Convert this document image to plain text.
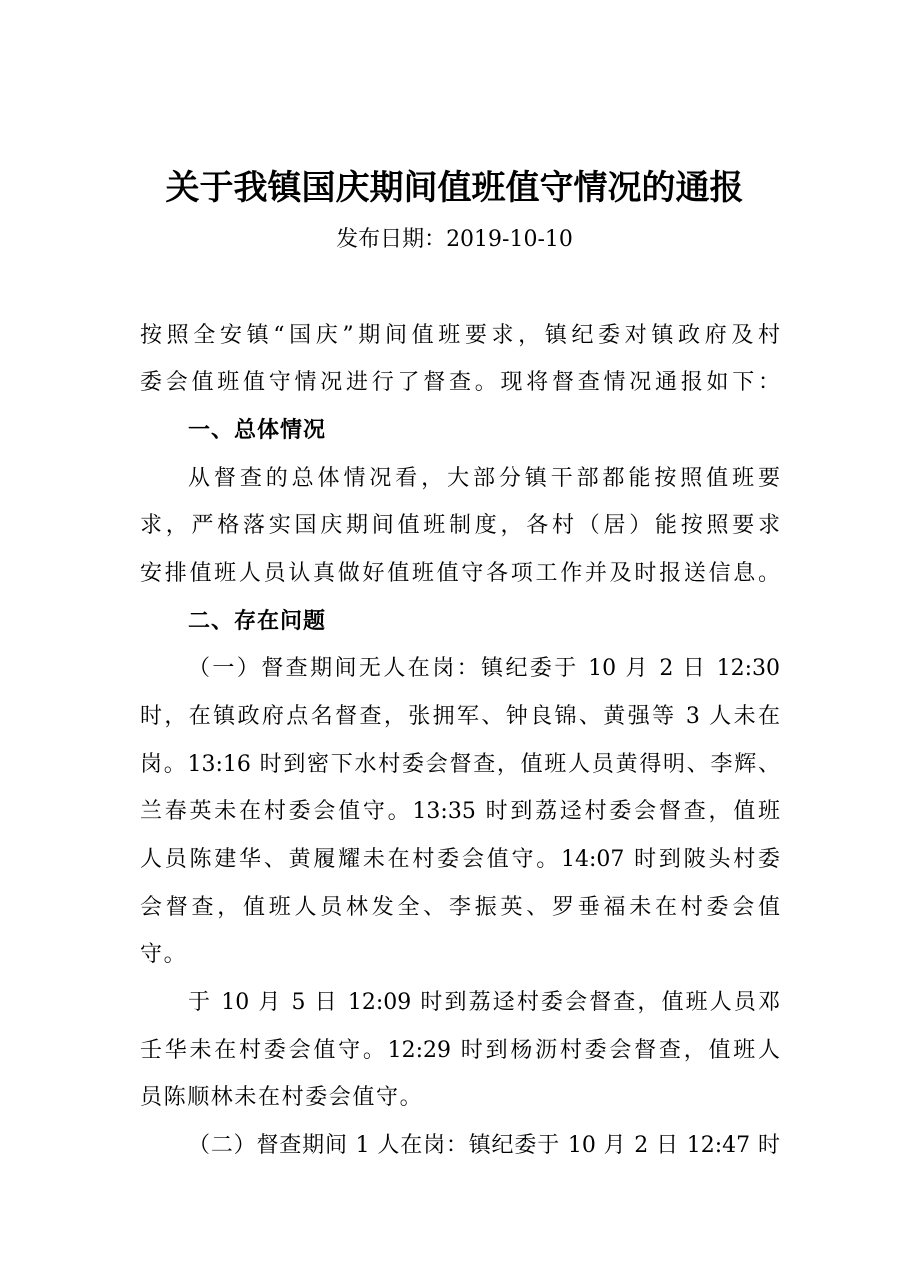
关于我镇国庆期间值班值守情况的通报
发布日期：2019-10-10
按照全安镇“国庆”期间值班要求，镇纪委对镇政府及村
委会值班值守情况进行了督查。现将督查情况通报如下：
一、总体情况
从督查的总体情况看，大部分镇干部都能按照值班要
求，严格落实国庆期间值班制度，各村（居）能按照要求
安排值班人员认真做好值班值守各项工作并及时报送信息。
二、存在问题
（一）督查期间无人在岗：镇纪委于 10 月 2 日 12:30
时，在镇政府点名督查，张拥军、钟良锦、黄强等 3 人未在
岗。13:16 时到密下水村委会督查，值班人员黄得明、李辉、
兰春英未在村委会值守。13:35 时到荔迳村委会督查，值班
人员陈建华、黄履耀未在村委会值守。14:07 时到陂头村委
会督查，值班人员林发全、李振英、罗垂福未在村委会值
守。
于 10 月 5 日 12:09 时到荔迳村委会督查，值班人员邓
壬华未在村委会值守。12:29 时到杨沥村委会督查，值班人
员陈顺林未在村委会值守。
（二）督查期间 1 人在岗：镇纪委于 10 月 2 日 12:47 时
